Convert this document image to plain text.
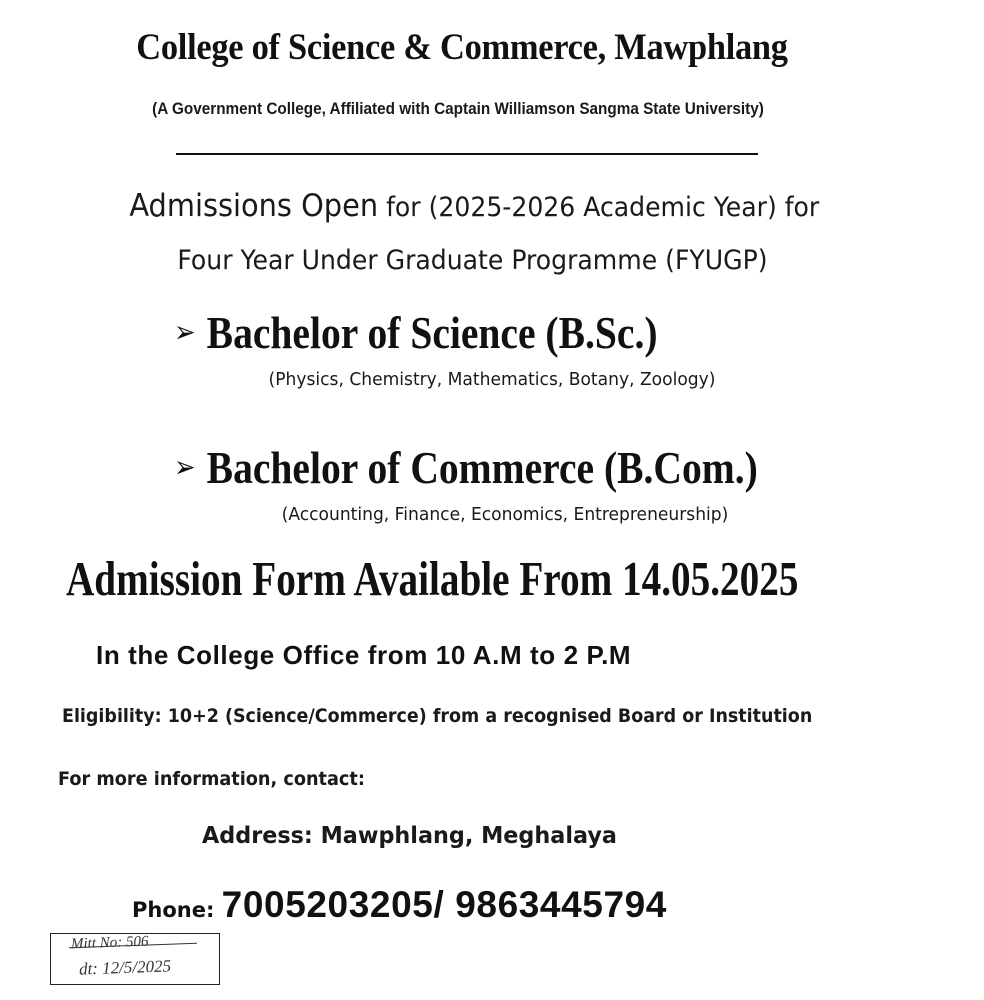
College of Science & Commerce, Mawphlang
(A Government College, Affiliated with Captain Williamson Sangma State University)
Admissions Open for (2025-2026 Academic Year) for
Four Year Under Graduate Programme (FYUGP)
➢ Bachelor of Science (B.Sc.)
(Physics, Chemistry, Mathematics, Botany, Zoology)
➢ Bachelor of Commerce (B.Com.)
(Accounting, Finance, Economics, Entrepreneurship)
Admission Form Available From 14.05.2025
In the College Office from 10 A.M to 2 P.M
Eligibility: 10+2 (Science/Commerce) from a recognised Board or Institution
For more information, contact:
Address: Mawphlang, Meghalaya
Phone: 7005203205/ 9863445794
Mitt No: 506
dt: 12/5/2025
